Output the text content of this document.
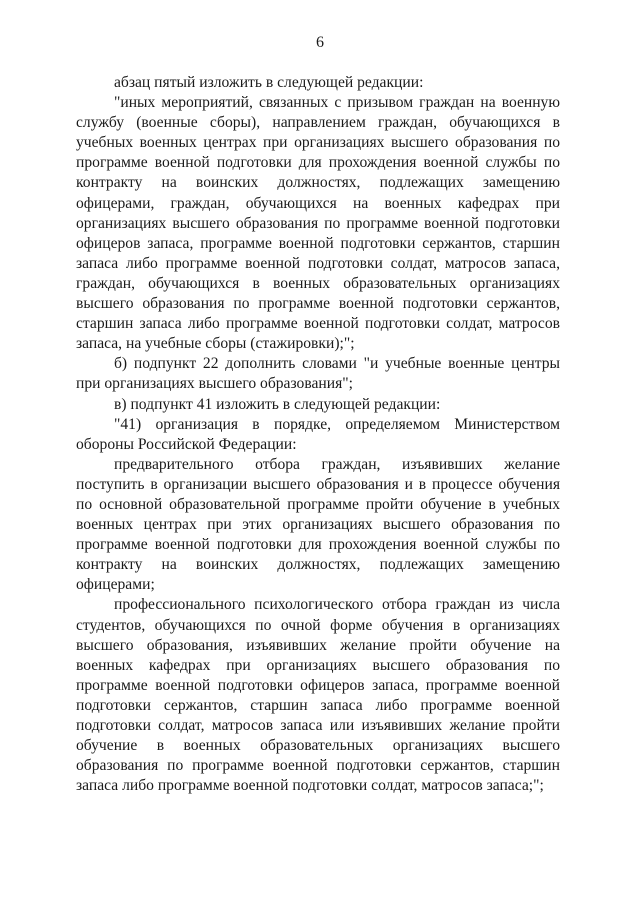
6

абзац пятый изложить в следующей редакции:

"иных мероприятий, связанных с призывом граждан на военную службу (военные сборы), направлением граждан, обучающихся в учебных военных центрах при организациях высшего образования по программе военной подготовки для прохождения военной службы по контракту на воинских должностях, подлежащих замещению офицерами, граждан, обучающихся на военных кафедрах при организациях высшего образования по программе военной подготовки офицеров запаса, программе военной подготовки сержантов, старшин запаса либо программе военной подготовки солдат, матросов запаса, граждан, обучающихся в военных образовательных организациях высшего образования по программе военной подготовки сержантов, старшин запаса либо программе военной подготовки солдат, матросов запаса, на учебные сборы (стажировки);";

б) подпункт 22 дополнить словами "и учебные военные центры при организациях высшего образования";

в) подпункт 41 изложить в следующей редакции:

"41) организация в порядке, определяемом Министерством обороны Российской Федерации:

предварительного отбора граждан, изъявивших желание поступить в организации высшего образования и в процессе обучения по основной образовательной программе пройти обучение в учебных военных центрах при этих организациях высшего образования по программе военной подготовки для прохождения военной службы по контракту на воинских должностях, подлежащих замещению офицерами;

профессионального психологического отбора граждан из числа студентов, обучающихся по очной форме обучения в организациях высшего образования, изъявивших желание пройти обучение на военных кафедрах при организациях высшего образования по программе военной подготовки офицеров запаса, программе военной подготовки сержантов, старшин запаса либо программе военной подготовки солдат, матросов запаса или изъявивших желание пройти обучение в военных образовательных организациях высшего образования по программе военной подготовки сержантов, старшин запаса либо программе военной подготовки солдат, матросов запаса;";
